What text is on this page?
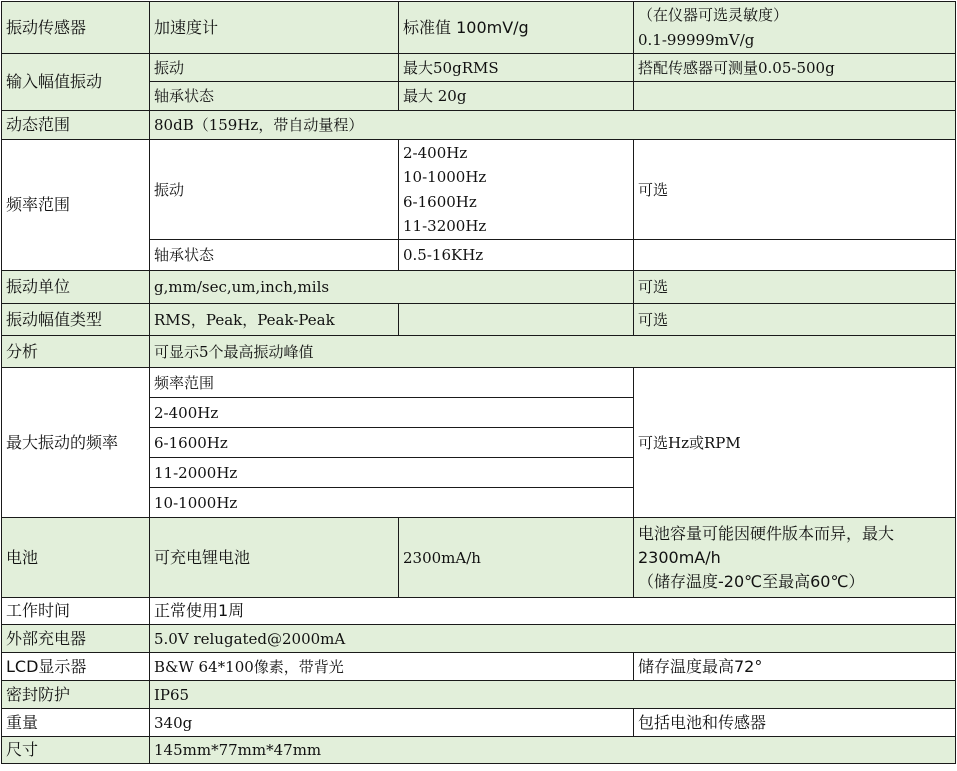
振动传感器	加速度计	标准值 100mV/g	（在仪器可选灵敏度）
0.1-99999mV/g

输入幅值振动	振动	最大50gRMS	搭配传感器可测量0.05-500g
	轴承状态	最大 20g	
动态范围	80dB（159Hz，带自动量程）		
频率范围	振动	2-400Hz
10-1000Hz
6-1600Hz
11-3200Hz	可选
	轴承状态	0.5-16KHz	
振动单位	g,mm/sec,um,inch,mils		可选
振动幅值类型	RMS，Peak，Peak-Peak		可选
分析	可显示5个最高振动峰值		
最大振动的频率	频率范围		可选Hz或RPM
	2-400Hz		
	6-1600Hz		
	11-2000Hz		
	10-1000Hz		
电池	可充电锂电池	2300mA/h	电池容量可能因硬件版本而异，最大
2300mA/h
（储存温度-20℃至最高60℃）

工作时间	正常使用1周		
外部充电器	5.0V relugated@2000mA		
LCD显示器	B&W 64*100像素，带背光		储存温度最高72°
密封防护	IP65		
重量	340g		包括电池和传感器
尺寸	145mm*77mm*47mm		
